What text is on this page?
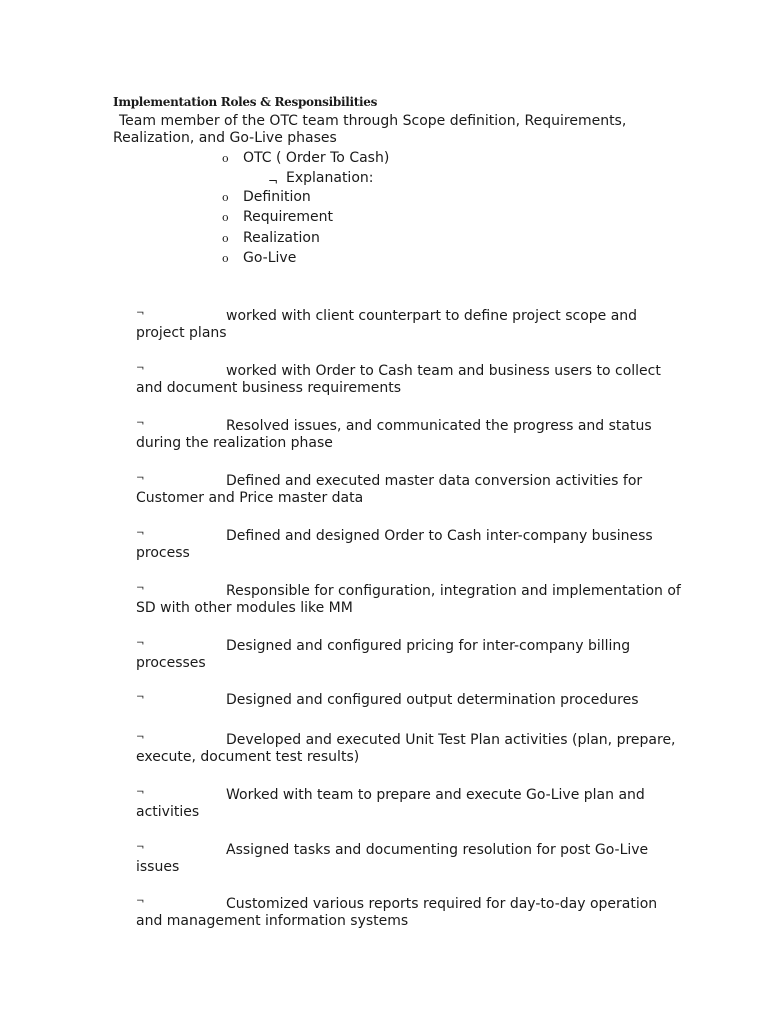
Implementation Roles & Responsibilities
Team member of the OTC team through Scope definition, Requirements, Realization, and Go-Live phases
o OTC ( Order To Cash)
¬ Explanation:
o Definition
o Requirement
o Realization
o Go-Live
¬	worked with client counterpart to define project scope and project plans
¬	worked with Order to Cash team and business users to collect and document business requirements
¬	Resolved issues, and communicated the progress and status during the realization phase
¬	Defined and executed master data conversion activities for Customer and Price master data
¬	Defined and designed Order to Cash inter-company business process
¬	Responsible for configuration, integration and implementation of SD with other modules like MM
¬	Designed and configured pricing for inter-company billing processes
¬	Designed and configured output determination procedures
¬	Developed and executed Unit Test Plan activities (plan, prepare, execute, document test results)
¬	Worked with team to prepare and execute Go-Live plan and activities
¬	Assigned tasks and documenting resolution for post Go-Live issues
¬	Customized various reports required for day-to-day operation and management information systems
